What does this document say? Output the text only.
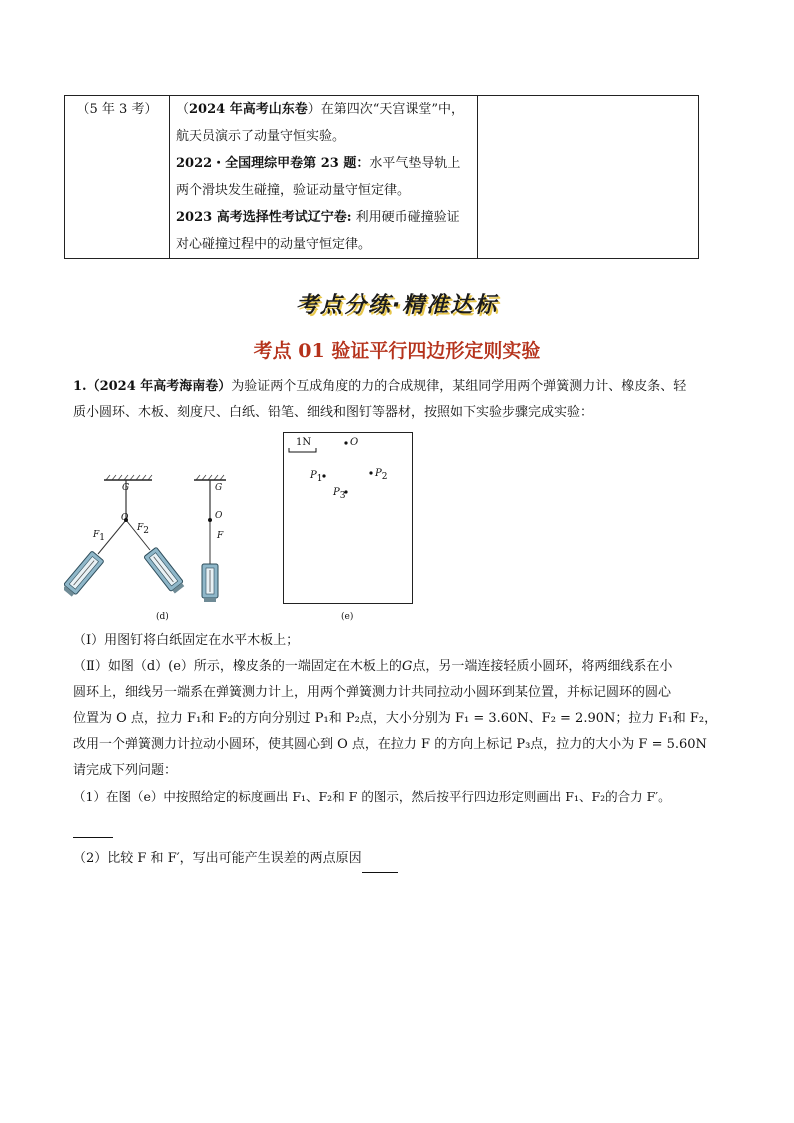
（5 年 3 考）	（2024 年高考山东卷）在第四次“天宫课堂”中，
航天员演示了动量守恒实验。
2022・全国理综甲卷第 23 题：水平气垫导轨上
两个滑块发生碰撞，验证动量守恒定律。
2023 高考选择性考试辽宁卷: 利用硬币碰撞验证
对心碰撞过程中的动量守恒定律。

考点分练·精准达标
考点 01 验证平行四边形定则实验
1.（2024 年高考海南卷）为验证两个互成角度的力的合成规律，某组同学用两个弹簧测力计、橡皮条、轻
质小圆环、木板、刻度尺、白纸、铅笔、细线和图钉等器材，按照如下实验步骤完成实验：
G
O
$F_1$
$F_2$
G
O
F
(d)
1N	O
$P_1$	$P_2$
$P_3$
(e)
（Ⅰ）用图钉将白纸固定在水平木板上；
（Ⅱ）如图（d）(e）所示，橡皮条的一端固定在木板上的G点，另一端连接轻质小圆环，将两细线系在小
圆环上，细线另一端系在弹簧测力计上，用两个弹簧测力计共同拉动小圆环到某位置，并标记圆环的圆心
位置为 O 点，拉力 F₁和 F₂的方向分别过 P₁和 P₂点，大小分别为 F₁ = 3.60N、F₂ = 2.90N；拉力 F₁和 F₂，
改用一个弹簧测力计拉动小圆环，使其圆心到 O 点，在拉力 F 的方向上标记 P₃点，拉力的大小为 F = 5.60N
请完成下列问题：
（1）在图（e）中按照给定的标度画出 F₁、F₂和 F 的图示，然后按平行四边形定则画出 F₁、F₂的合力 F′。
（2）比较 F 和 F′，写出可能产生误差的两点原因
